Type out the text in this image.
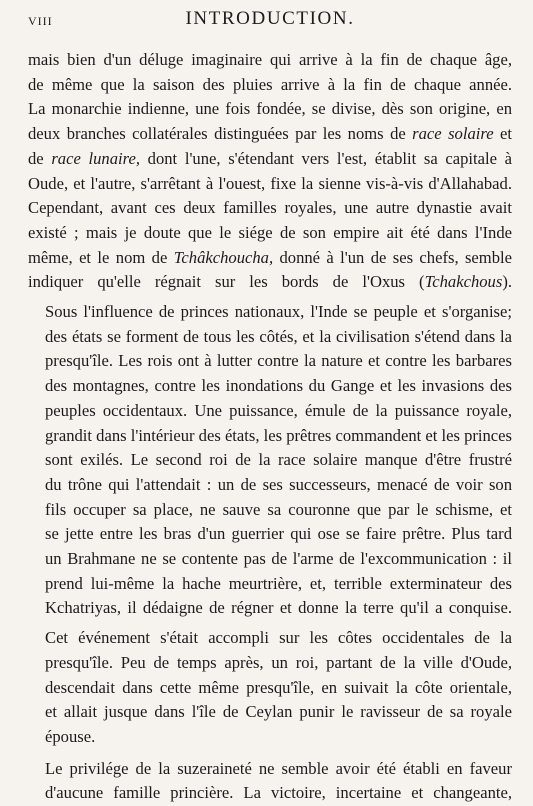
VIII	INTRODUCTION.

mais bien d'un déluge imaginaire qui arrive à la fin de chaque âge,
de même que la saison des pluies arrive à la fin de chaque année.
La monarchie indienne, une fois fondée, se divise, dès son origine, en
deux branches collatérales distinguées par les noms de race solaire et
de race lunaire, dont l'une, s'étendant vers l'est, établit sa capitale à
Oude, et l'autre, s'arrêtant à l'ouest, fixe la sienne vis-à-vis d'Allahabad.
Cependant, avant ces deux familles royales, une autre dynastie avait
existé ; mais je doute que le siége de son empire ait été dans l'Inde
même, et le nom de Tchâkchoucha, donné à l'un de ses chefs, semble
indiquer qu'elle régnait sur les bords de l'Oxus (Tchakchous).

Sous l'influence de princes nationaux, l'Inde se peuple et s'organise;
des états se forment de tous les côtés, et la civilisation s'étend dans la
presqu'île. Les rois ont à lutter contre la nature et contre les barbares
des montagnes, contre les inondations du Gange et les invasions des
peuples occidentaux. Une puissance, émule de la puissance royale,
grandit dans l'intérieur des états, les prêtres commandent et les princes
sont exilés. Le second roi de la race solaire manque d'être frustré
du trône qui l'attendait : un de ses successeurs, menacé de voir son
fils occuper sa place, ne sauve sa couronne que par le schisme, et
se jette entre les bras d'un guerrier qui ose se faire prêtre. Plus tard
un Brahmane ne se contente pas de l'arme de l'excommunication : il
prend lui-même la hache meurtrière, et, terrible exterminateur des
Kchatriyas, il dédaigne de régner et donne la terre qu'il a conquise.

Cet événement s'était accompli sur les côtes occidentales de la
presqu'île. Peu de temps après, un roi, partant de la ville d'Oude,
descendait dans cette même presqu'île, en suivait la côte orientale,
et allait jusque dans l'île de Ceylan punir le ravisseur de sa royale
épouse.

Le privilége de la suzeraineté ne semble avoir été établi en faveur
d'aucune famille princière. La victoire, incertaine et changeante,
